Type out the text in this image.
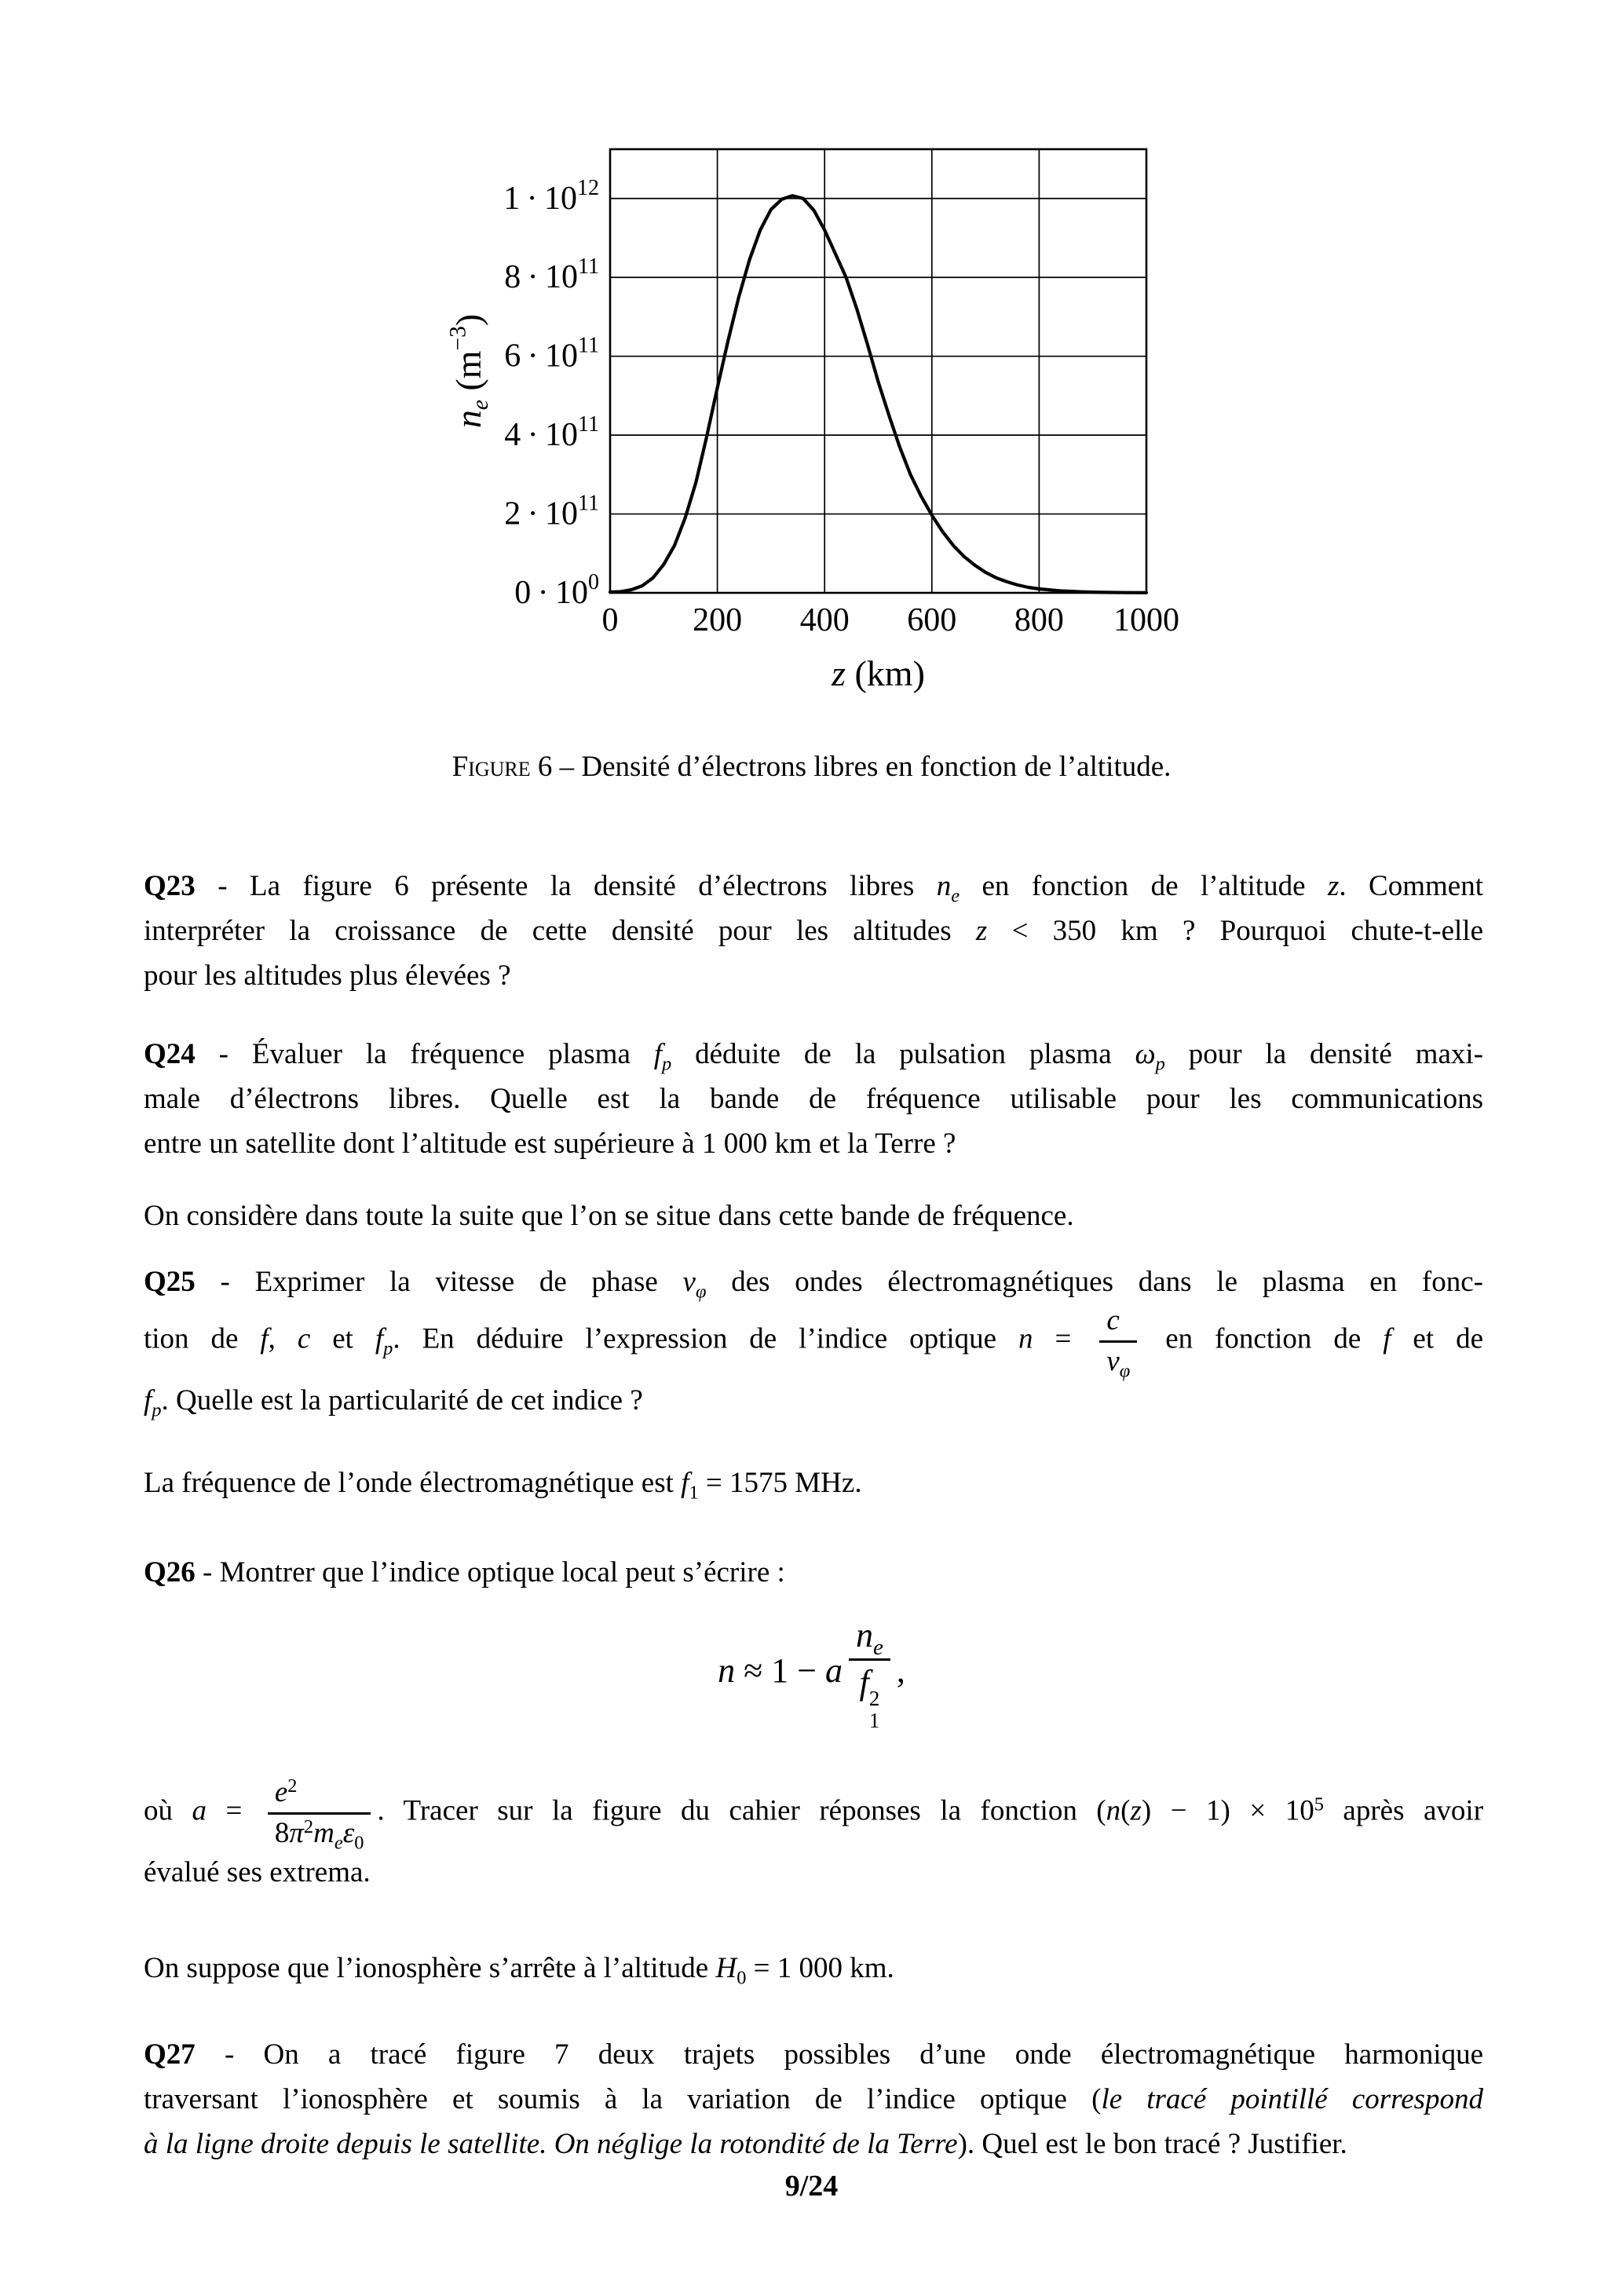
0 200 400 600 800 1000
$0 \cdot 10^0$
$2 \cdot 10^{11}$
$4 \cdot 10^{11}$
$6 \cdot 10^{11}$
$8 \cdot 10^{11}$
$1 \cdot 10^{12}$
z (km)
$n_e$ $(m^{-3})$
Figure 6 – Densité d’électrons libres en fonction de l’altitude.
Q23 - La figure 6 présente la densité d’électrons libres $n_e$ en fonction de l’altitude z. Comment
interpréter la croissance de cette densité pour les altitudes z < 350 km ? Pourquoi chute-t-elle
pour les altitudes plus élevées ?
Q24 - Évaluer la fréquence plasma $f_p$ déduite de la pulsation plasma $\omega_p$ pour la densité maxi-
male d’électrons libres. Quelle est la bande de fréquence utilisable pour les communications
entre un satellite dont l’altitude est supérieure à 1 000 km et la Terre ?
On considère dans toute la suite que l’on se situe dans cette bande de fréquence.
Q25 - Exprimer la vitesse de phase $v_\varphi$ des ondes électromagnétiques dans le plasma en fonc-
tion de f, c et $f_p$. En déduire l’expression de l’indice optique $n = \frac{c}{v_\varphi}$ en fonction de f et de
$f_p$. Quelle est la particularité de cet indice ?
La fréquence de l’onde électromagnétique est $f_1 = 1575$ MHz.
Q26 - Montrer que l’indice optique local peut s’écrire :
n ≈ 1 − a $n_e$
f 2
1 ,
où $a = \frac{e^2}{8\pi^2m_e\varepsilon_0}$ . Tracer sur la figure du cahier réponses la fonction $(n(z) - 1) \times 10^5$ après avoir
évalué ses extrema.
On suppose que l’ionosphère s’arrête à l’altitude $H_0 = 1$ 000 km.
Q27 - On a tracé figure 7 deux trajets possibles d’une onde électromagnétique harmonique
traversant l’ionosphère et soumis à la variation de l’indice optique (le tracé pointillé correspond
à la ligne droite depuis le satellite. On néglige la rotondité de la Terre). Quel est le bon tracé ? Justifier.
9/24
